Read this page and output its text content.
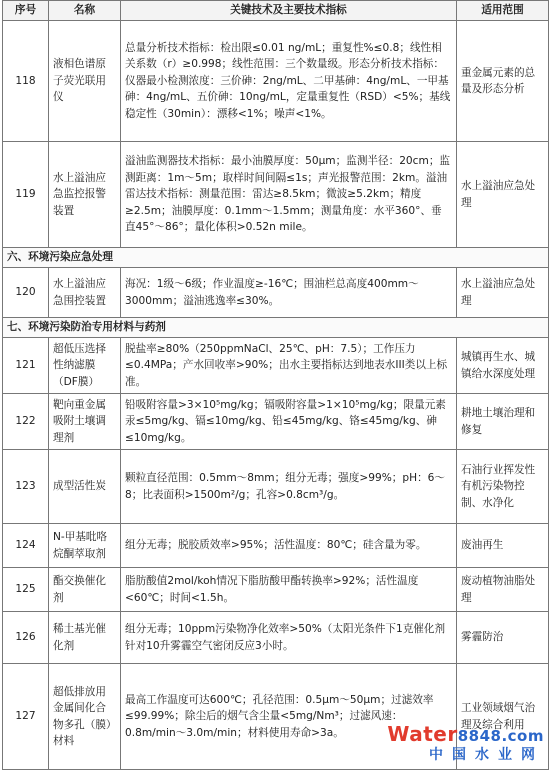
序号	名称	关键技术及主要技术指标	适用范围
118	液相色谱原子荧光联用仪	总量分析技术指标：检出限≤0.01 ng/mL；重复性%≤0.8；线性相关系数（r）≥0.998；线性范围：三个数量级。形态分析技术指标：仪器最小检测浓度：三价砷：2ng/mL、二甲基砷：4ng/mL、一甲基砷：4ng/mL、五价砷：10ng/mL，定量重复性（RSD）<5%；基线稳定性（30min）：漂移<1%；噪声<1%。	重金属元素的总量及形态分析
119	水上溢油应急监控报警装置	溢油监测器技术指标：最小油膜厚度：50μm；监测半径：20cm；监测距离：1m～5m；取样时间间隔≤1s；声光报警范围：2km。溢油雷达技术指标：测量范围：雷达≥8.5km；微波≥5.2km；精度≥2.5m；油膜厚度：0.1mm～1.5mm；测量角度：水平360°、垂直45°～86°；量化体积>0.52n mile。	水上溢油应急处理
六、环境污染应急处理			
120	水上溢油应急围控装置	海况：1级～6级；作业温度≥-16℃；围油栏总高度400mm～3000mm；溢油逃逸率≤30%。	水上溢油应急处理
七、环境污染防治专用材料与药剂			
121	超低压选择性纳滤膜（DF膜）	脱盐率≥80%（250ppmNaCl、25℃、pH：7.5）；工作压力≤0.4MPa；产水回收率>90%；出水主要指标达到地表水III类以上标准。	城镇再生水、城镇给水深度处理
122	靶向重金属吸附土壤调理剂	铅吸附容量>3×10⁵mg/kg；镉吸附容量>1×10⁵mg/kg；限量元素汞≤5mg/kg、镉≤10mg/kg、铅≤45mg/kg、铬≤45mg/kg、砷≤10mg/kg。	耕地土壤治理和修复
123	成型活性炭	颗粒直径范围：0.5mm～8mm；组分无毒；强度>99%；pH：6～8；比表面积>1500m²/g；孔容>0.8cm³/g。	石油行业挥发性有机污染物控制、水净化
124	N-甲基吡咯烷酮萃取剂	组分无毒；脱胶质效率>95%；活性温度：80℃；硅含量为零。	废油再生
125	酯交换催化剂	脂肪酸值2mol/koh情况下脂肪酸甲酯转换率>92%；活性温度<60℃；时间<1.5h。	废动植物油脂处理
126	稀土基光催化剂	组分无毒；10ppm污染物净化效率>50%（太阳光条件下1克催化剂针对10升雾霾空气密闭反应3小时。	雾霾防治
127	超低排放用金属间化合物多孔（膜）材料	最高工作温度可达600℃；孔径范围：0.5μm～50μm；过滤效率≤99.99%；除尘后的烟气含尘量<5mg/Nm³；过滤风速：0.8m/min～3.0m/min；材料使用寿命>3a。	工业领域烟气治理及综合利用
Water8848.com
中国水业网
